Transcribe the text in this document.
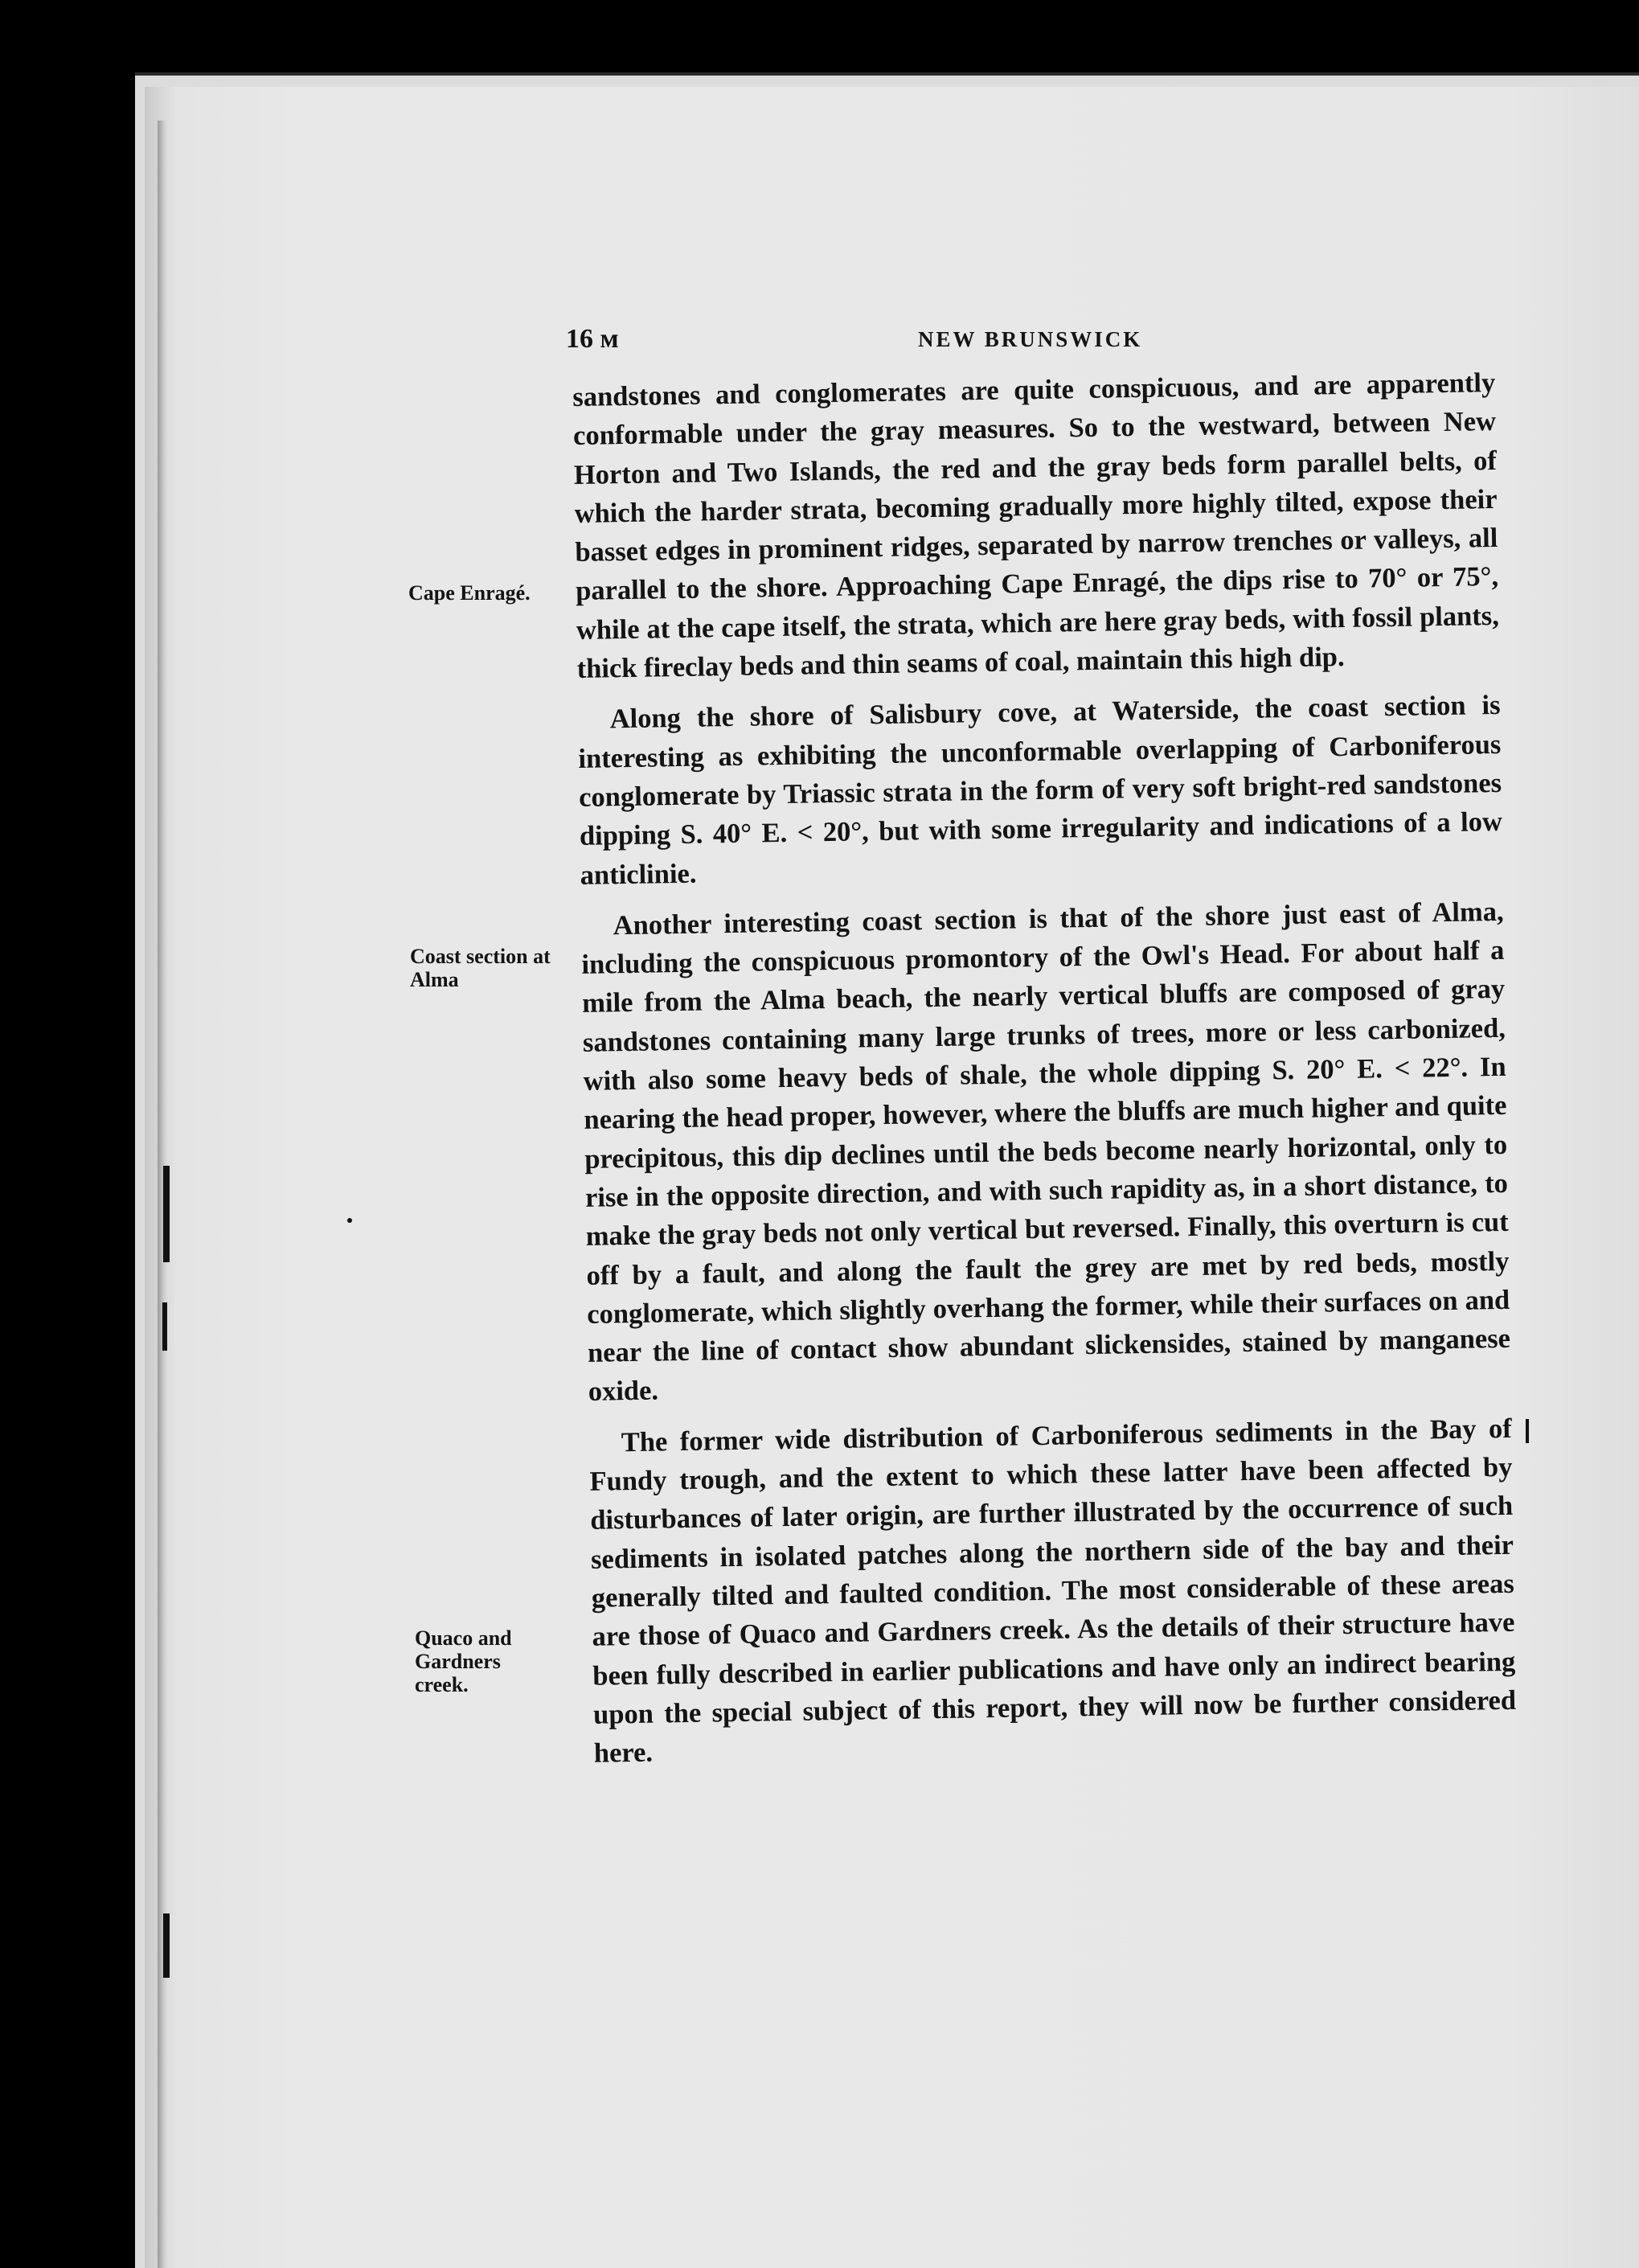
16 м	NEW BRUNSWICK
Cape Enragé.
Coast section at Alma
Quaco and Gardners creek.

sandstones and conglomerates are quite conspicuous, and are apparently conformable under the gray measures. So to the westward, between New Horton and Two Islands, the red and the gray beds form parallel belts, of which the harder strata, becoming gradually more highly tilted, expose their basset edges in prominent ridges, separated by narrow trenches or valleys, all parallel to the shore. Approaching Cape Enragé, the dips rise to 70° or 75°, while at the cape itself, the strata, which are here gray beds, with fossil plants, thick fireclay beds and thin seams of coal, maintain this high dip.

Along the shore of Salisbury cove, at Waterside, the coast section is interesting as exhibiting the unconformable overlapping of Carboniferous conglomerate by Triassic strata in the form of very soft bright-red sandstones dipping S. 40° E. < 20°, but with some irregularity and indications of a low anticlinie.

Another interesting coast section is that of the shore just east of Alma, including the conspicuous promontory of the Owl's Head. For about half a mile from the Alma beach, the nearly vertical bluffs are composed of gray sandstones containing many large trunks of trees, more or less carbonized, with also some heavy beds of shale, the whole dipping S. 20° E. < 22°. In nearing the head proper, however, where the bluffs are much higher and quite precipitous, this dip declines until the beds become nearly horizontal, only to rise in the opposite direction, and with such rapidity as, in a short distance, to make the gray beds not only vertical but reversed. Finally, this overturn is cut off by a fault, and along the fault the grey are met by red beds, mostly conglomerate, which slightly overhang the former, while their surfaces on and near the line of contact show abundant slickensides, stained by manganese oxide.

The former wide distribution of Carboniferous sediments in the Bay of Fundy trough, and the extent to which these latter have been affected by disturbances of later origin, are further illustrated by the occurrence of such sediments in isolated patches along the northern side of the bay and their generally tilted and faulted condition. The most considerable of these areas are those of Quaco and Gardners creek. As the details of their structure have been fully described in earlier publications and have only an indirect bearing upon the special subject of this report, they will now be further considered here.
